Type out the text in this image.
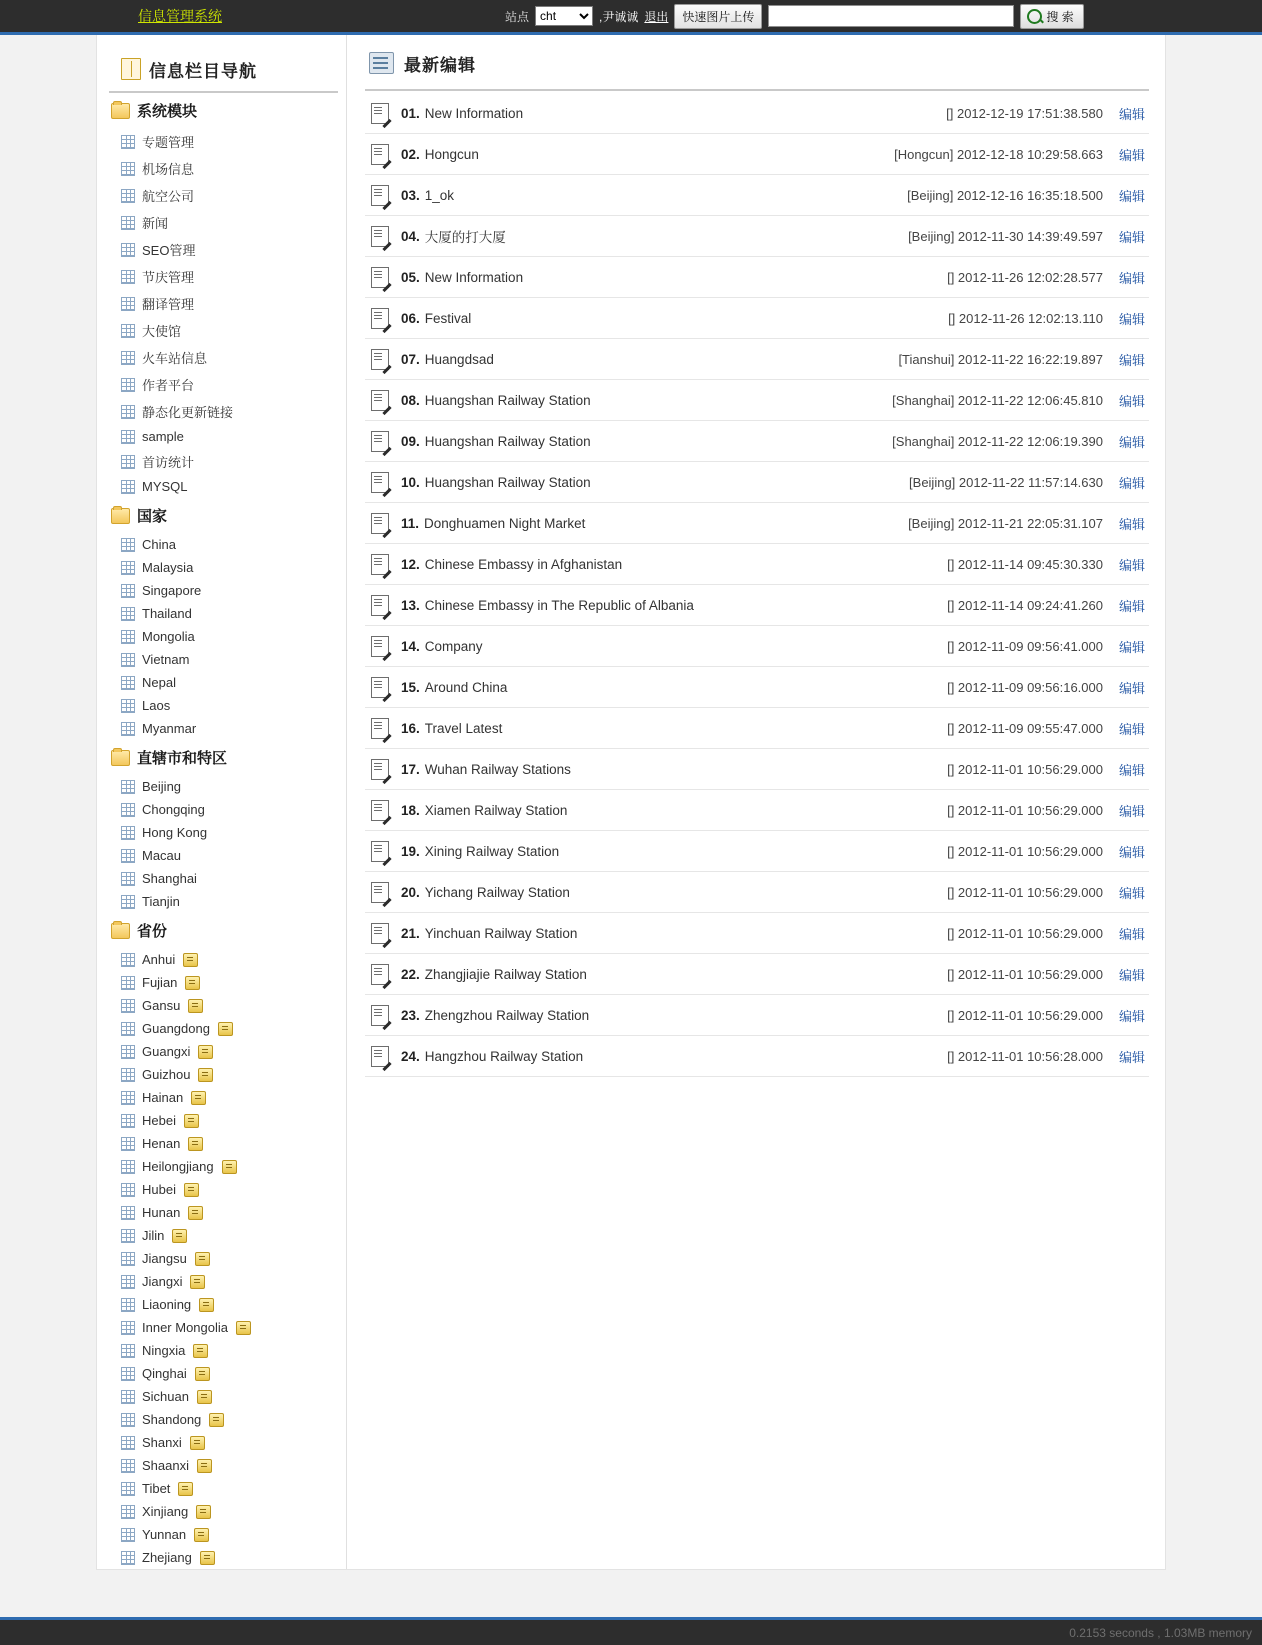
信息管理系统	站点
cht	,尹诚诚 退出	快速图片上传	搜 索
信息栏目导航
系统模块
专题管理
机场信息
航空公司
新闻
SEO管理
节庆管理
翻译管理
大使馆
火车站信息
作者平台
静态化更新链接
sample
首访统计
MYSQL
国家
China
Malaysia
Singapore
Thailand
Mongolia
Vietnam
Nepal
Laos
Myanmar
直辖市和特区
Beijing
Chongqing
Hong Kong
Macau
Shanghai
Tianjin
省份
Anhui
Fujian
Gansu
Guangdong
Guangxi
Guizhou
Hainan
Hebei
Henan
Heilongjiang
Hubei
Hunan
Jilin
Jiangsu
Jiangxi
Liaoning
Inner Mongolia
Ningxia
Qinghai
Sichuan
Shandong
Shanxi
Shaanxi
Tibet
Xinjiang
Yunnan
Zhejiang
最新编辑
01. New Information	[] 2012-12-19 17:51:38.580 编辑
02. Hongcun	[Hongcun] 2012-12-18 10:29:58.663 编辑
03. 1_ok	[Beijing] 2012-12-16 16:35:18.500 编辑
04. 大厦的打大厦	[Beijing] 2012-11-30 14:39:49.597 编辑
05. New Information	[] 2012-11-26 12:02:28.577 编辑
06. Festival	[] 2012-11-26 12:02:13.110 编辑
07. Huangdsad	[Tianshui] 2012-11-22 16:22:19.897 编辑
08. Huangshan Railway Station	[Shanghai] 2012-11-22 12:06:45.810 编辑
09. Huangshan Railway Station	[Shanghai] 2012-11-22 12:06:19.390 编辑
10. Huangshan Railway Station	[Beijing] 2012-11-22 11:57:14.630 编辑
11. Donghuamen Night Market	[Beijing] 2012-11-21 22:05:31.107 编辑
12. Chinese Embassy in Afghanistan	[] 2012-11-14 09:45:30.330 编辑
13. Chinese Embassy in The Republic of Albania	[] 2012-11-14 09:24:41.260 编辑
14. Company	[] 2012-11-09 09:56:41.000 编辑
15. Around China	[] 2012-11-09 09:56:16.000 编辑
16. Travel Latest	[] 2012-11-09 09:55:47.000 编辑
17. Wuhan Railway Stations	[] 2012-11-01 10:56:29.000 编辑
18. Xiamen Railway Station	[] 2012-11-01 10:56:29.000 编辑
19. Xining Railway Station	[] 2012-11-01 10:56:29.000 编辑
20. Yichang Railway Station	[] 2012-11-01 10:56:29.000 编辑
21. Yinchuan Railway Station	[] 2012-11-01 10:56:29.000 编辑
22. Zhangjiajie Railway Station	[] 2012-11-01 10:56:29.000 编辑
23. Zhengzhou Railway Station	[] 2012-11-01 10:56:29.000 编辑
24. Hangzhou Railway Station	[] 2012-11-01 10:56:28.000 编辑
0.2153 seconds , 1.03MB memory
